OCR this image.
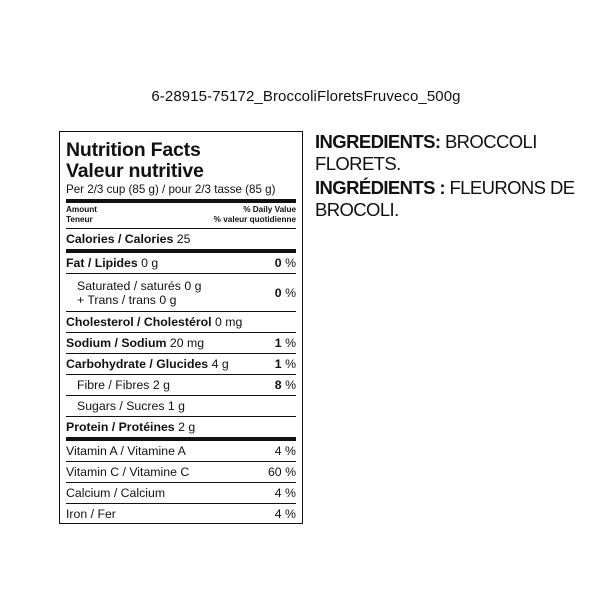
6-28915-75172_BroccoliFloretsFruveco_500g
Nutrition Facts
Valeur nutritive
Per 2/3 cup (85 g) / pour 2/3 tasse (85 g)
Amount
Teneur
% Daily Value
% valeur quotidienne
Calories / Calories 25
Fat / Lipides 0 g	0 %
Saturated / saturés 0 g
+ Trans / trans 0 g	0 %
Cholesterol / Cholestérol 0 mg
Sodium / Sodium 20 mg	1 %
Carbohydrate / Glucides 4 g	1 %
Fibre / Fibres 2 g	8 %
Sugars / Sucres 1 g
Protein / Protéines 2 g
Vitamin A / Vitamine A	4 %
Vitamin C / Vitamine C	60 %
Calcium / Calcium	4 %
Iron / Fer	4 %
INGREDIENTS: BROCCOLI FLORETS.
INGRÉDIENTS : FLEURONS DE BROCOLI.
